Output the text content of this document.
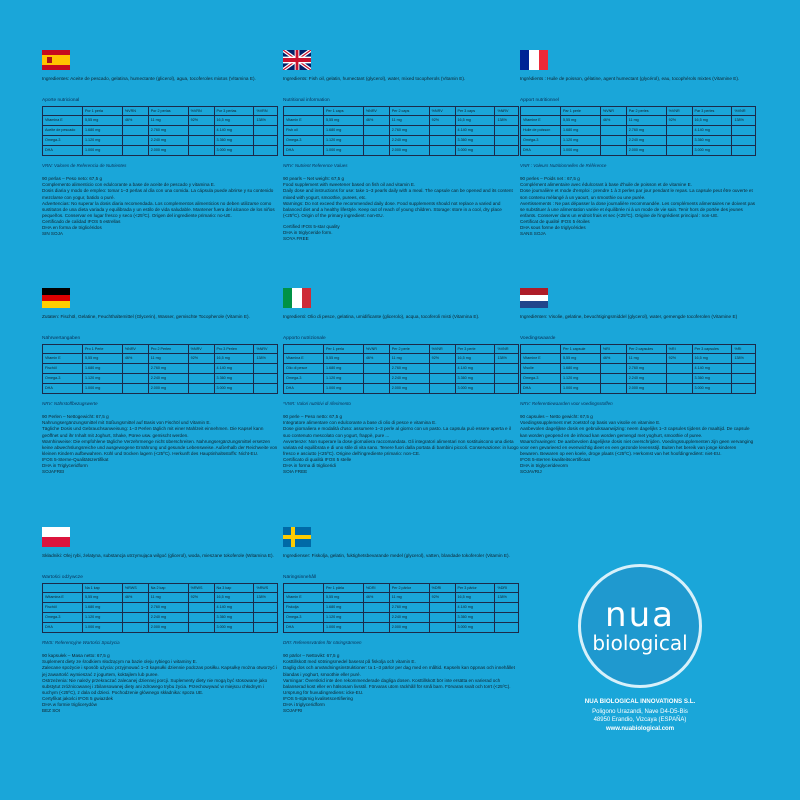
Ingredientes: Aceite de pescado, gelatina, humectante (glicerol), agua, tocoferoles mixtos (Vitamina E).
Aporte nutricional
	Por 1 perla	%VRN	Por 2 perlas	%VRN	Por 3 perlas	%VRN
Vitamina E	5,55 mg	46%	11 mg	92%	16,5 mg	138%
Aceite de pescado	1.680 mg		2.760 mg		4.140 mg	
Omega-3	1.120 mg		2.240 mg		3.360 mg	
DHA	1.000 mg		2.000 mg		3.000 mg	
VRN: Valores de Referencia de Nutrientes

90 perlas – Peso neto: 67,5 g

Complemento alimenticio con edulcorante a base de aceite de pescado y vitamina E.

Dosis diaria y modo de empleo: tomar 1–3 perlas al día con una comida. La cápsula puede abrirse y su contenido mezclarse con yogur, batido o puré.

Advertencias: No superar la dosis diaria recomendada. Los complementos alimenticios no deben utilizarse como sustitutos de una dieta variada y equilibrada y un estilo de vida saludable. Mantener fuera del alcance de los niños pequeños. Conservar en lugar fresco y seco (<25ºC). Origen del ingrediente primario: no-UE.

Certificado de calidad IFOS 5 estrellas

DHA en forma de triglicéridos

SIN SOJA

Ingredients: Fish oil, gelatin, humectant (glycerol), water, mixed tocopherols (Vitamin E).
Nutritional information
	Per 1 caps	%NRV	Per 2 caps	%NRV	Per 3 caps	%NRV
Vitamin E	5,55 mg	46%	11 mg	92%	16,5 mg	138%
Fish oil	1.680 mg		2.760 mg		4.140 mg	
Omega-3	1.120 mg		2.240 mg		3.360 mg	
DHA	1.000 mg		2.000 mg		3.000 mg	
NRV: Nutrient Reference Values

90 pearls – Net weight: 67,5 g

Food supplement with sweetener based on fish oil and vitamin E.

Daily dose and instructions for use: take 1–3 pearls daily with a meal. The capsule can be opened and its content mixed with yogurt, smoothie, purees, etc.

Warnings: Do not exceed the recommended daily dose. Food supplements should not replace a varied and balanced diet and a healthy lifestyle. Keep out of reach of young children. Storage: store in a cool, dry place (<25ºC). Origin of the primary ingredient: non-EU.

Certified IFOS 5-star quality

DHA in triglyceride form.

SOYA FREE

Ingrédients : Huile de poisson, gélatine, agent humectant (glycérol), eau, tocophérols mixtes (Vitamine E).
Apport nutritionnel
	Par 1 perle	%VNR	Par 2 perles	%VNR	Par 3 perles	%VNR
Vitamine E	5,55 mg	46%	11 mg	92%	16,5 mg	138%
Huile de poisson	1.680 mg		2.760 mg		4.140 mg	
Oméga-3	1.120 mg		2.240 mg		3.360 mg	
DHA	1.000 mg		2.000 mg		3.000 mg	
VNR : Valeurs Nutritionnelles de Référence

90 perles – Poids net : 67,5 g

Complément alimentaire avec édulcorant à base d'huile de poisson et de vitamine E.

Dose journalière et mode d'emploi : prendre 1 à 3 perles par jour pendant le repas. La capsule peut être ouverte et son contenu mélangé à un yaourt, un smoothie ou une purée.

Avertissements : Ne pas dépasser la dose journalière recommandée. Les compléments alimentaires ne doivent pas se substituer à une alimentation variée et équilibrée ni à un mode de vie sain. Tenir hors de portée des jeunes enfants. Conserver dans un endroit frais et sec (<25ºC). Origine de l'ingrédient principal : non-UE.

Certificat de qualité IFOS 5 étoiles

DHA sous forme de triglycérides

SANS SOJA

Zutaten: Fischöl, Gelatine, Feuchthaltemittel (Glycerin), Wasser, gemischte Tocopherole (Vitamin E).
Nährwertangaben
	Pro 1 Perle	%NRV	Pro 2 Perlen	%NRV	Pro 3 Perlen	%NRV
Vitamin E	5,55 mg	46%	11 mg	92%	16,5 mg	138%
Fischöl	1.680 mg		2.760 mg		4.140 mg	
Omega-3	1.120 mg		2.240 mg		3.360 mg	
DHA	1.000 mg		2.000 mg		3.000 mg	
NRV: Nährstoffbezugswerte

90 Perlen – Nettogewicht: 67,5 g

Nahrungsergänzungsmittel mit Süßungsmittel auf Basis von Fischöl und Vitamin E.

Tägliche Dosis und Gebrauchsanweisung: 1–3 Perlen täglich mit einer Mahlzeit einnehmen. Die Kapsel kann geöffnet und ihr Inhalt mit Joghurt, Shake, Püree usw. gemischt werden.

Warnhinweise: Die empfohlene tägliche Verzehrmenge nicht überschreiten. Nahrungsergänzungsmittel ersetzen keine abwechslungsreiche und ausgewogene Ernährung und gesunde Lebensweise. Außerhalb der Reichweite von kleinen Kindern aufbewahren. Kühl und trocken lagern (<25ºC). Herkunft des Hauptinhaltsstoffs: Nicht-EU.

IFOS 5-Sterne-Qualitätszertifikat

DHA in Triglyceridform

SOJAFREI

Ingredienti: Olio di pesce, gelatina, umidificante (glicerolo), acqua, tocoferoli misti (Vitamina E).
Apporto nutrizionale
	Per 1 perla	%VNR	Per 2 perle	%VNR	Per 3 perle	%VNR
Vitamina E	5,55 mg	46%	11 mg	92%	16,5 mg	138%
Olio di pesce	1.680 mg		2.760 mg		4.140 mg	
Omega-3	1.120 mg		2.240 mg		3.360 mg	
DHA	1.000 mg		2.000 mg		3.000 mg	
*VNR: Valori nutritivi di riferimento

90 perle – Peso netto: 67,5 g

Integratore alimentare con edulcorante a base di olio di pesce e vitamina E.

Dose giornaliera e modalità d'uso: assumere 1–3 perle al giorno con un pasto. La capsula può essere aperta e il suo contenuto mescolato con yogurt, frappè, pure ...

Avvertenze: Non superare la dose giornaliera raccomandata. Gli integratori alimentari non sostituiscono una dieta variata ed equilibrata e di uno stile di vita sano. Tenere fuori dalla portata di bambini piccoli. Conservazione: in luogo fresco e asciutto (<25ºC). Origine dell'ingrediente primario: non-CE.

Certificato di qualità IFOS 5 stelle

DHA in forma di trigliceridi

SOIA FREE

Ingrediënten: Visolie, gelatine, bevochtigingsmiddel (glycerol), water, gemengde tocoferolen (Vitamine E)
Voedingswaarde
	Per 1 capsule	%RI	Per 2 capsules	%RI	Per 3 capsules	%RI
Vitamine E	5,55 mg	46%	11 mg	92%	16,5 mg	138%
Visolie	1.680 mg		2.760 mg		4.140 mg	
Omega-3	1.120 mg		2.240 mg		3.360 mg	
DHA	1.000 mg		2.000 mg		3.000 mg	
NRV: Referentiewaarden voor voedingsstoffen

90 capsules – Netto gewicht: 67,5 g

Voedingssupplement met zoetstof op basis van visolie en vitamine E.

Aanbevolen dagelijkse dosis en gebruiksaanwijzing: neem dagelijks 1–3 capsules tijdens de maaltijd. De capsule kan worden geopend en de inhoud kan worden gemengd met yoghurt, smoothie of puree.

Waarschuwingen: De aanbevolen dagelijkse dosis niet overschrijden. Voedingssupplementen zijn geen vervanging voor een gevarieerd en evenwichtig dieet en een gezonde levensstijl. Buiten het bereik van jonge kinderen bewaren. Bewaren op een koele, droge plaats (<25ºC). Herkomst van het hoofdingrediënt: niet-EU.

IFOS 5-sterren kwaliteitscertificaat

DHA in triglyceridevorm

SOJAVRIJ

Składniki: Olej rybi, żelatyna, substancja utrzymująca wilgoć (glicerol), woda, mieszane tokoferole (Witamina E).
Wartości odżywcze
	Na 1 kap	%RWS	Na 2 kap	%RWS	Na 3 kap	%RWS
Witamina E	5,55 mg	46%	11 mg	92%	16,5 mg	138%
Fischöl	1.680 mg		2.760 mg		4.140 mg	
Omega-3	1.120 mg		2.240 mg		3.360 mg	
DHA	1.000 mg		2.000 mg		3.000 mg	
RWS: Referencyjne Wartości Spożycia

90 kapsułek – Masa netto: 67,5 g

Suplement diety ze środkiem słodzącym na bazie oleju rybiego i witaminy E.

Zalecane spożycie i sposób użycia: przyjmować 1–3 kapsułki dziennie podczas posiłku. Kapsułkę można otworzyć i jej zawartość wymieszać z jogurtem, koktajlem lub puree.

Ostrzeżenia: Nie należy przekraczać zalecanej dziennej porcji. Suplementy diety nie mogą być stosowane jako substytut zróżnicowanej i zbilansowanej diety ani zdrowego trybu życia. Przechowywać w miejscu chłodnym i suchym (<25ºC), z dala od dzieci. Pochodzenie głównego składnika: spoza UE.

Certyfikat jakości IFOS 5 gwiazdek

DHA w formie triglicerydów

BEZ SOI

Ingredienser: Fiskolja, gelatin, fuktighetsbevarande medel (glycerol), vatten, blandade tokoferoler (Vitamin E).
Näringsinnehåll
	Per 1 pärla	%DRI	Per 2 pärlor	%DRI	Per 3 pärlor	%DRI
Vitamin E	5,55 mg	46%	11 mg	92%	16,5 mg	138%
Fiskolja	1.680 mg		2.760 mg		4.140 mg	
Omega-3	1.120 mg		2.240 mg		3.360 mg	
DHA	1.000 mg		2.000 mg		3.000 mg	
DRI: Referensvärden för näringsämnen

90 pärlor – Nettovikt: 67,5 g

Kosttillskott med sötningsmedel baserat på fiskolja och vitamin E.

Daglig dos och användningsinstruktioner: ta 1–3 pärlor per dag med en måltid. Kapseln kan öppnas och innehållet blandas i yoghurt, smoothie eller puré.

Varningar: Överskrid inte den rekommenderade dagliga dosen. Kosttillskott bör inte ersätta en varierad och balanserad kost eller en hälsosam livsstil. Förvaras utom räckhåll för små barn. Förvaras svalt och torrt (<25ºC). Ursprung för huvudingrediens: icke-EU.

IFOS 5-stjärnig kvalitetscertifiering

DHA i triglyceridform

SOJAFRI

nua
biological
NUA BIOLOGICAL INNOVATIONS S.L.
Poligono Urazandi, Nave D4-D5-Bis
48950 Erandio, Vizcaya (ESPAÑA)
www.nuabiological.com
